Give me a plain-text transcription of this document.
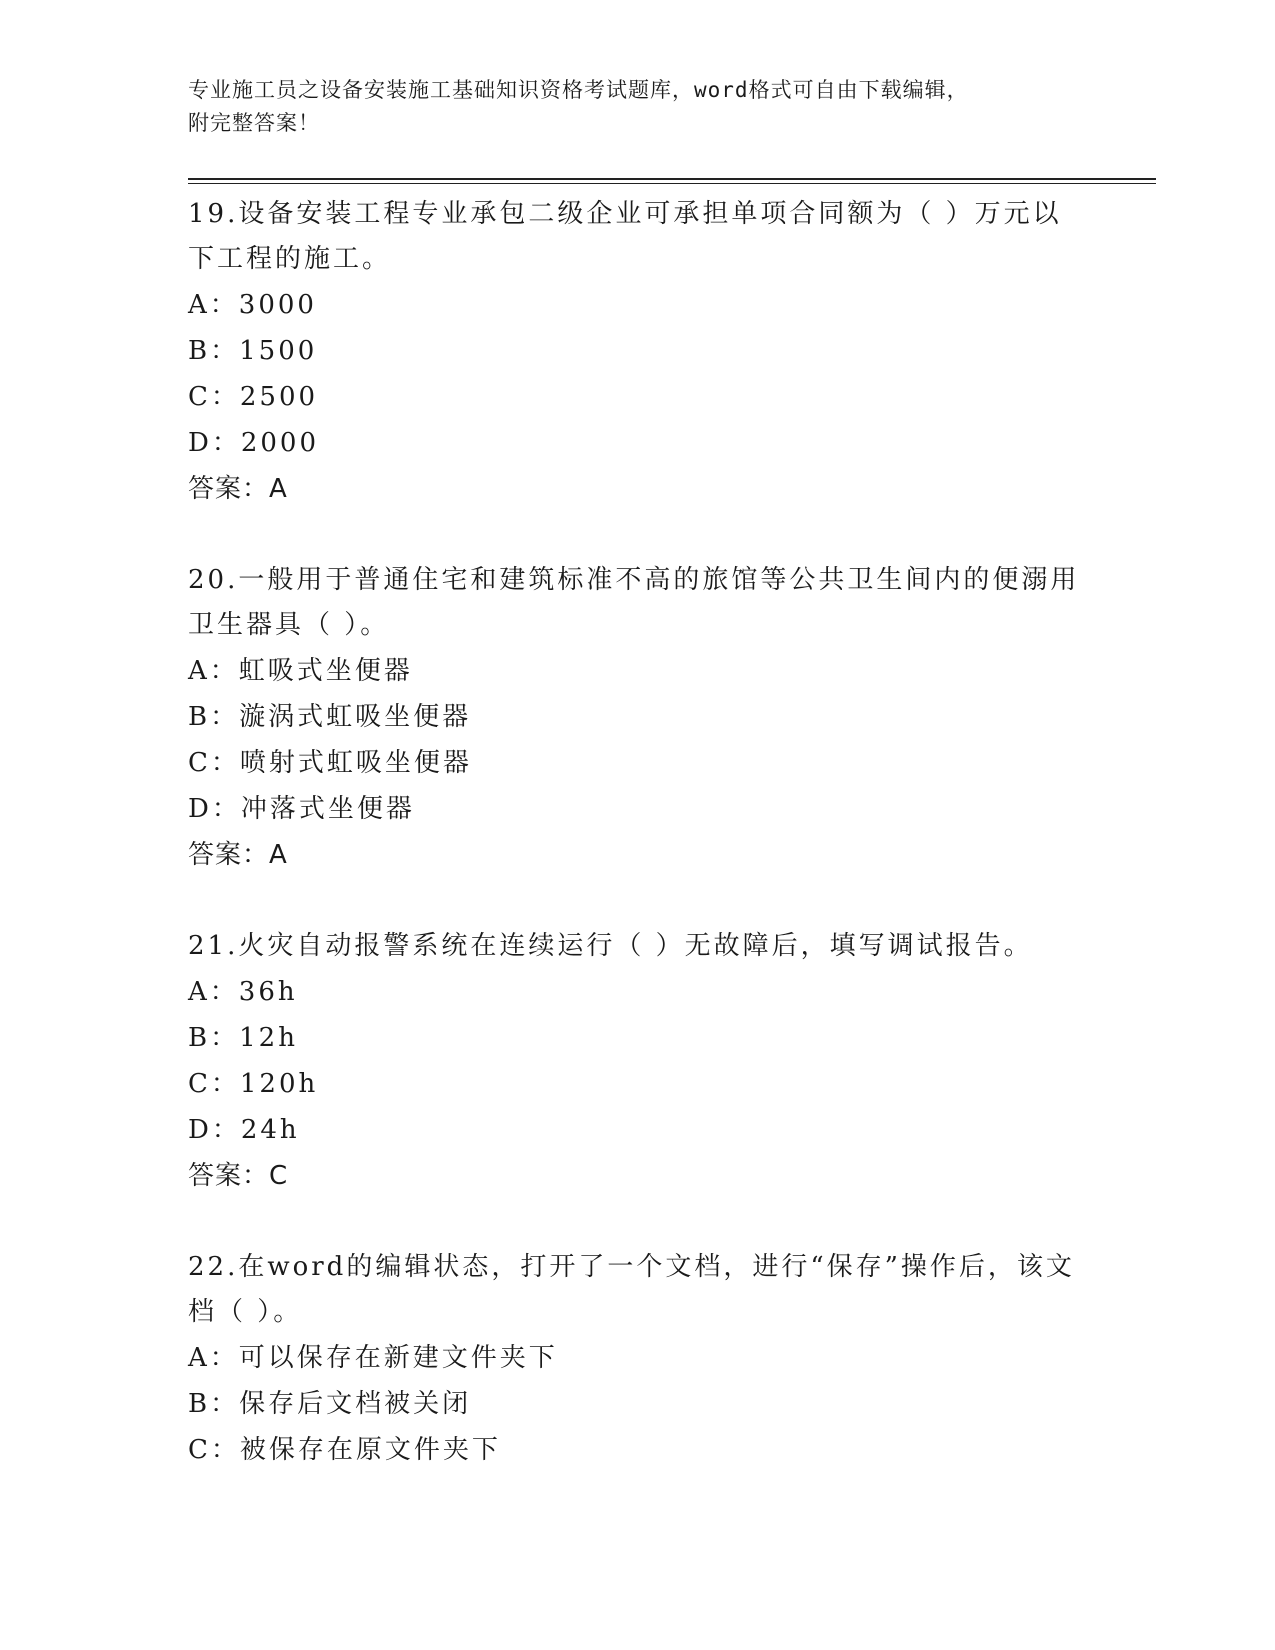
专业施工员之设备安装施工基础知识资格考试题库，word格式可自由下载编辑，
附完整答案！
19.设备安装工程专业承包二级企业可承担单项合同额为（ ）万元以下工程的施工。
A：3000
B：1500
C：2500
D：2000
答案：A
20.一般用于普通住宅和建筑标准不高的旅馆等公共卫生间内的便溺用卫生器具（ ）。
A：虹吸式坐便器
B：漩涡式虹吸坐便器
C：喷射式虹吸坐便器
D：冲落式坐便器
答案：A
21.火灾自动报警系统在连续运行（ ）无故障后，填写调试报告。
A：36h
B：12h
C：120h
D：24h
答案：C
22.在word的编辑状态，打开了一个文档，进行“保存”操作后，该文档（ ）。
A：可以保存在新建文件夹下
B：保存后文档被关闭
C：被保存在原文件夹下
